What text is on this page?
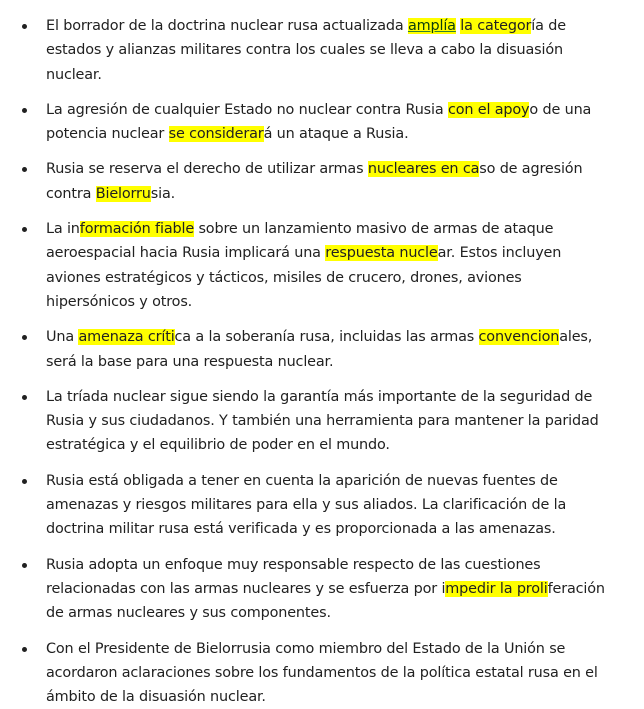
El borrador de la doctrina nuclear rusa actualizada amplía la categoría de estados y alianzas militares contra los cuales se lleva a cabo la disuasión nuclear.
La agresión de cualquier Estado no nuclear contra Rusia con el apoyo de una potencia nuclear se considerará un ataque a Rusia.
Rusia se reserva el derecho de utilizar armas nucleares en caso de agresión contra Bielorrusia.
La información fiable sobre un lanzamiento masivo de armas de ataque aeroespacial hacia Rusia implicará una respuesta nuclear. Estos incluyen aviones estratégicos y tácticos, misiles de crucero, drones, aviones hipersónicos y otros.
Una amenaza crítica a la soberanía rusa, incluidas las armas convencionales, será la base para una respuesta nuclear.
La tríada nuclear sigue siendo la garantía más importante de la seguridad de Rusia y sus ciudadanos. Y también una herramienta para mantener la paridad estratégica y el equilibrio de poder en el mundo.
Rusia está obligada a tener en cuenta la aparición de nuevas fuentes de amenazas y riesgos militares para ella y sus aliados. La clarificación de la doctrina militar rusa está verificada y es proporcionada a las amenazas.
Rusia adopta un enfoque muy responsable respecto de las cuestiones relacionadas con las armas nucleares y se esfuerza por impedir la proliferación de armas nucleares y sus componentes.
Con el Presidente de Bielorrusia como miembro del Estado de la Unión se acordaron aclaraciones sobre los fundamentos de la política estatal rusa en el ámbito de la disuasión nuclear.
